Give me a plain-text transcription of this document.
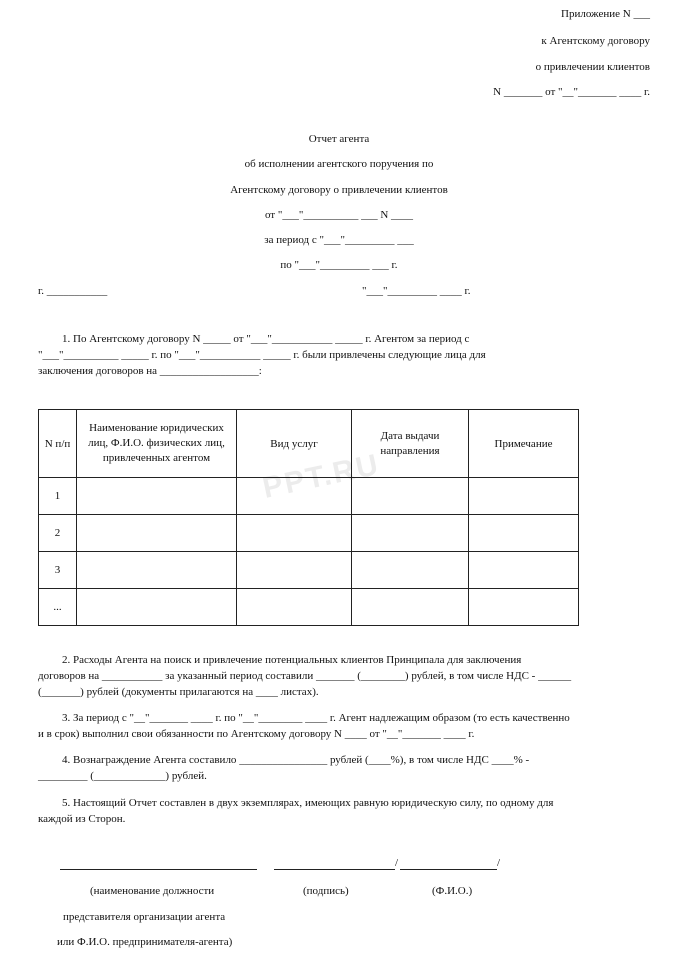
Приложение N ___
к Агентскому договору
о привлечении клиентов
N _______ от "__"_______ ____ г.
Отчет агента
об исполнении агентского поручения по
Агентскому договору о привлечении клиентов
от "___"__________ ___ N ____
за период с "___"_________ ___
по "___"_________ ___ г.
г. ___________	"___"_________ ____ г.
1. По Агентскому договору N _____ от "___"___________ _____ г. Агентом за период с
"___"__________ _____ г. по "___"___________ _____ г. были привлечены следующие лица для
заключения договоров на __________________:
N п/п	Наименование юридических лиц, Ф.И.О. физических лиц, привлеченных агентом	Вид услуг	Дата выдачи направления	Примечание
1				
2				
3				
...				
PPT.RU
2. Расходы Агента на поиск и привлечение потенциальных клиентов Принципала для заключения
договоров на ___________ за указанный период составили _______ (________) рублей, в том числе НДС - ______
(_______) рублей (документы прилагаются на ____ листах).
3. За период с "__"_______ ____ г. по "__"________ ____ г. Агент надлежащим образом (то есть качественно
и в срок) выполнил свои обязанности по Агентскому договору N ____ от "__"_______ ____ г.
4. Вознаграждение Агента составило ________________ рублей (____%), в том числе НДС ____% -
_________ (_____________) рублей.
5. Настоящий Отчет составлен в двух экземплярах, имеющих равную юридическую силу, по одному для
каждой из Сторон.
/	/
(наименование должности	(подпись)	(Ф.И.О.)
представителя организации агента
или Ф.И.О. предпринимателя-агента)
